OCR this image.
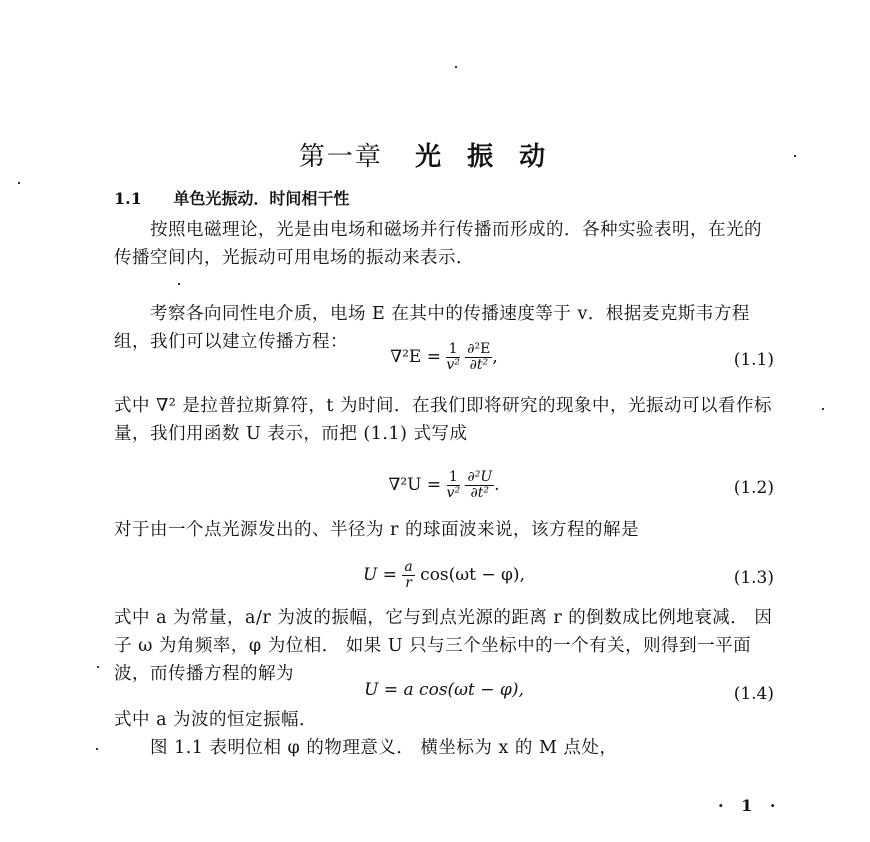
第一章 光振动
1.1 单色光振动．时间相干性
按照电磁理论，光是由电场和磁场并行传播而形成的．各种实验表明，在光的传播空间内，光振动可用电场的振动来表示．
考察各向同性电介质，电场 E 在其中的传播速度等于 v．根据麦克斯韦方程组，我们可以建立传播方程：
$\nabla^2E = \frac{1}{\text{v²}}$
$\frac{\text{∂²E}}{\text{∂t²}}$ ,	(1.1)
式中 ∇² 是拉普拉斯算符，t 为时间．在我们即将研究的现象中，光振动可以看作标量，我们用函数 U 表示，而把 (1.1) 式写成
$\nabla^2U = \frac{1}{\text{v²}}$
$\frac{\text{∂²U}}{\text{∂t²}}$ .	(1.2)
对于由一个点光源发出的、半径为 r 的球面波来说，该方程的解是
$U = \frac{a}{r} \cos(\omega t - \varphi)$,	(1.3)
式中 a 为常量，a/r 为波的振幅，它与到点光源的距离 r 的倒数成比例地衰减． 因子 ω 为角频率，φ 为位相． 如果 U 只与三个坐标中的一个有关，则得到一平面波，而传播方程的解为
U = a cos(ωt − φ),	(1.4)
式中 a 为波的恒定振幅．
图 1.1 表明位相 φ 的物理意义． 横坐标为 x 的 M 点处，
· 1 ·
